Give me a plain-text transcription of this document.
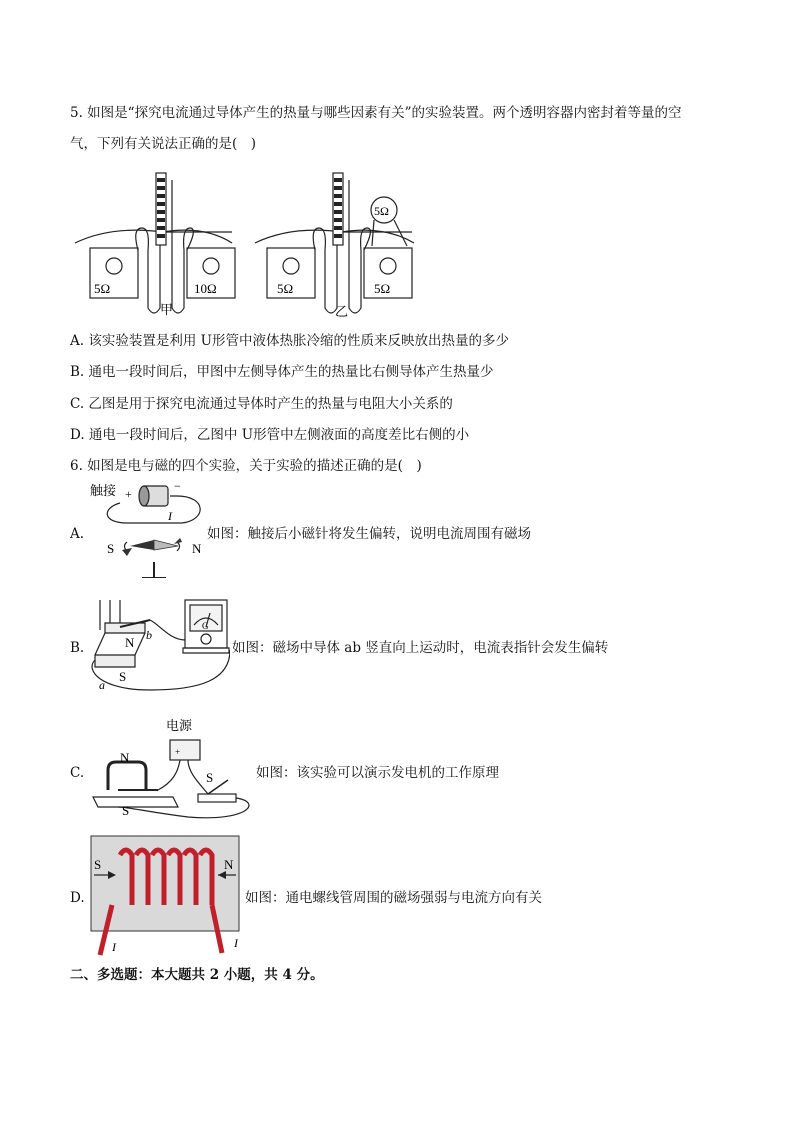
5. 如图是“探究电流通过导体产生的热量与哪些因素有关”的实验装置。两个透明容器内密封着等量的空
气，下列有关说法正确的是(　)
5Ω	10Ω
甲
5Ω	5Ω
5Ω
乙
A. 该实验装置是利用 U形管中液体热胀冷缩的性质来反映放出热量的多少
B. 通电一段时间后，甲图中左侧导体产生的热量比右侧导体产生热量少
C. 乙图是用于探究电流通过导体时产生的热量与电阻大小关系的
D. 通电一段时间后，乙图中 U形管中左侧液面的高度差比右侧的小
6. 如图是电与磁的四个实验，关于实验的描述正确的是(　)
A.
触接 +
−
I
S	N
如图：触接后小磁针将发生偏转，说明电流周围有磁场
B.	N
S
a
b
G
如图：磁场中导体 ab 竖直向上运动时，电流表指针会发生偏转
C.
+
电源
N
S
S	如图：该实验可以演示发电机的工作原理
D.
S	N
I	I
如图：通电螺线管周围的磁场强弱与电流方向有关
二、多选题：本大题共 2 小题，共 4 分。
